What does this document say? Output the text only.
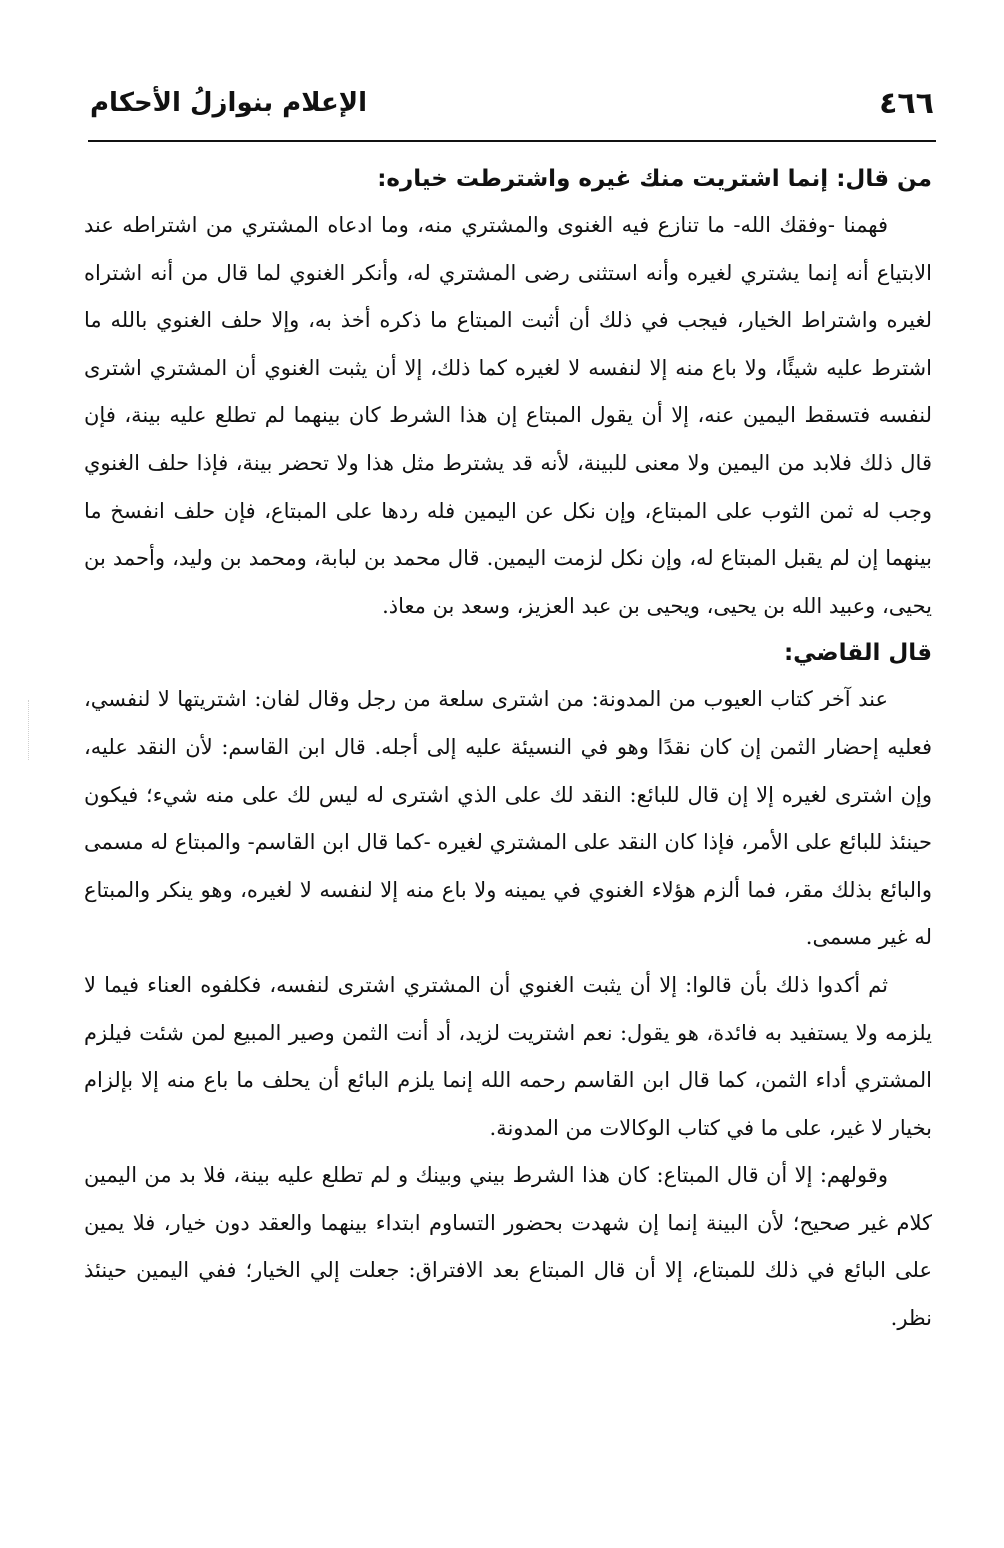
٤٦٦
الإعلام بنوازلُ الأحكام

من قال: إنما اشتريت منك غيره واشترطت خياره:

فهمنا -وفقك الله- ما تنازع فيه الغنوى والمشتري منه، وما ادعاه المشتري من اشتراطه عند الابتياع أنه إنما يشتري لغيره وأنه استثنى رضى المشتري له، وأنكر الغنوي لما قال من أنه اشتراه لغيره واشتراط الخيار، فيجب في ذلك أن أثبت المبتاع ما ذكره أخذ به، وإلا حلف الغنوي بالله ما اشترط عليه شيئًا، ولا باع منه إلا لنفسه لا لغيره كما ذلك، إلا أن يثبت الغنوي أن المشتري اشترى لنفسه فتسقط اليمين عنه، إلا أن يقول المبتاع إن هذا الشرط كان بينهما لم تطلع عليه بينة، فإن قال ذلك فلابد من اليمين ولا معنى للبينة، لأنه قد يشترط مثل هذا ولا تحضر بينة، فإذا حلف الغنوي وجب له ثمن الثوب على المبتاع، وإن نكل عن اليمين فله ردها على المبتاع، فإن حلف انفسخ ما بينهما إن لم يقبل المبتاع له، وإن نكل لزمت اليمين. قال محمد بن لبابة، ومحمد بن وليد، وأحمد بن يحيى، وعبيد الله بن يحيى، ويحيى بن عبد العزيز، وسعد بن معاذ.

قال القاضي:

عند آخر كتاب العيوب من المدونة: من اشترى سلعة من رجل وقال لفان: اشتريتها لا لنفسي، فعليه إحضار الثمن إن كان نقدًا وهو في النسيئة عليه إلى أجله. قال ابن القاسم: لأن النقد عليه، وإن اشترى لغيره إلا إن قال للبائع: النقد لك على الذي اشترى له ليس لك على منه شيء؛ فيكون حينئذ للبائع على الأمر، فإذا كان النقد على المشتري لغيره -كما قال ابن القاسم- والمبتاع له مسمى والبائع بذلك مقر، فما ألزم هؤلاء الغنوي في يمينه ولا باع منه إلا لنفسه لا لغيره، وهو ينكر والمبتاع له غير مسمى.

ثم أكدوا ذلك بأن قالوا: إلا أن يثبت الغنوي أن المشتري اشترى لنفسه، فكلفوه العناء فيما لا يلزمه ولا يستفيد به فائدة، هو يقول: نعم اشتريت لزيد، أد أنت الثمن وصير المبيع لمن شئت فيلزم المشتري أداء الثمن، كما قال ابن القاسم رحمه الله إنما يلزم البائع أن يحلف ما باع منه إلا بإلزام بخيار لا غير، على ما في كتاب الوكالات من المدونة.

وقولهم: إلا أن قال المبتاع: كان هذا الشرط بيني وبينك و لم تطلع عليه بينة، فلا بد من اليمين كلام غير صحيح؛ لأن البينة إنما إن شهدت بحضور التساوم ابتداء بينهما والعقد دون خيار، فلا يمين على البائع في ذلك للمبتاع، إلا أن قال المبتاع بعد الافتراق: جعلت إلي الخيار؛ ففي اليمين حينئذ نظر.
